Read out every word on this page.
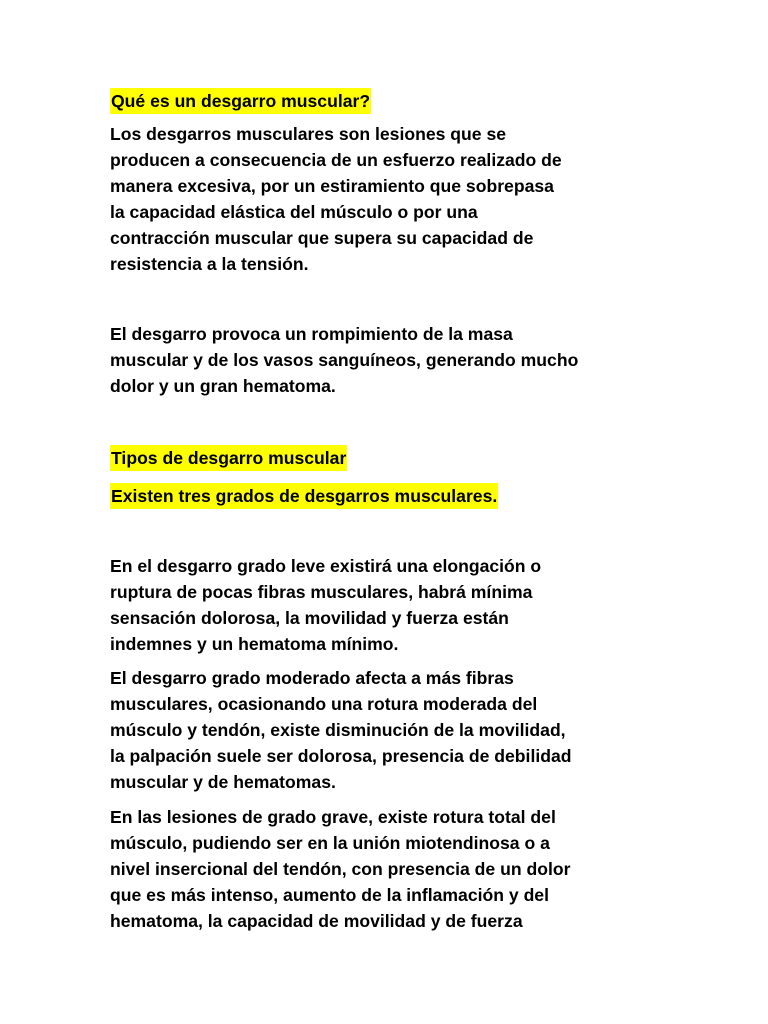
Qué es un desgarro muscular?
Los desgarros musculares son lesiones que se
producen a consecuencia de un esfuerzo realizado de
manera excesiva, por un estiramiento que sobrepasa
la capacidad elástica del músculo o por una
contracción muscular que supera su capacidad de
resistencia a la tensión.
El desgarro provoca un rompimiento de la masa
muscular y de los vasos sanguíneos, generando mucho
dolor y un gran hematoma.
Tipos de desgarro muscular
Existen tres grados de desgarros musculares.
En el desgarro grado leve existirá una elongación o
ruptura de pocas fibras musculares, habrá mínima
sensación dolorosa, la movilidad y fuerza están
indemnes y un hematoma mínimo.
El desgarro grado moderado afecta a más fibras
musculares, ocasionando una rotura moderada del
músculo y tendón, existe disminución de la movilidad,
la palpación suele ser dolorosa, presencia de debilidad
muscular y de hematomas.
En las lesiones de grado grave, existe rotura total del
músculo, pudiendo ser en la unión miotendinosa o a
nivel insercional del tendón, con presencia de un dolor
que es más intenso, aumento de la inflamación y del
hematoma, la capacidad de movilidad y de fuerza
